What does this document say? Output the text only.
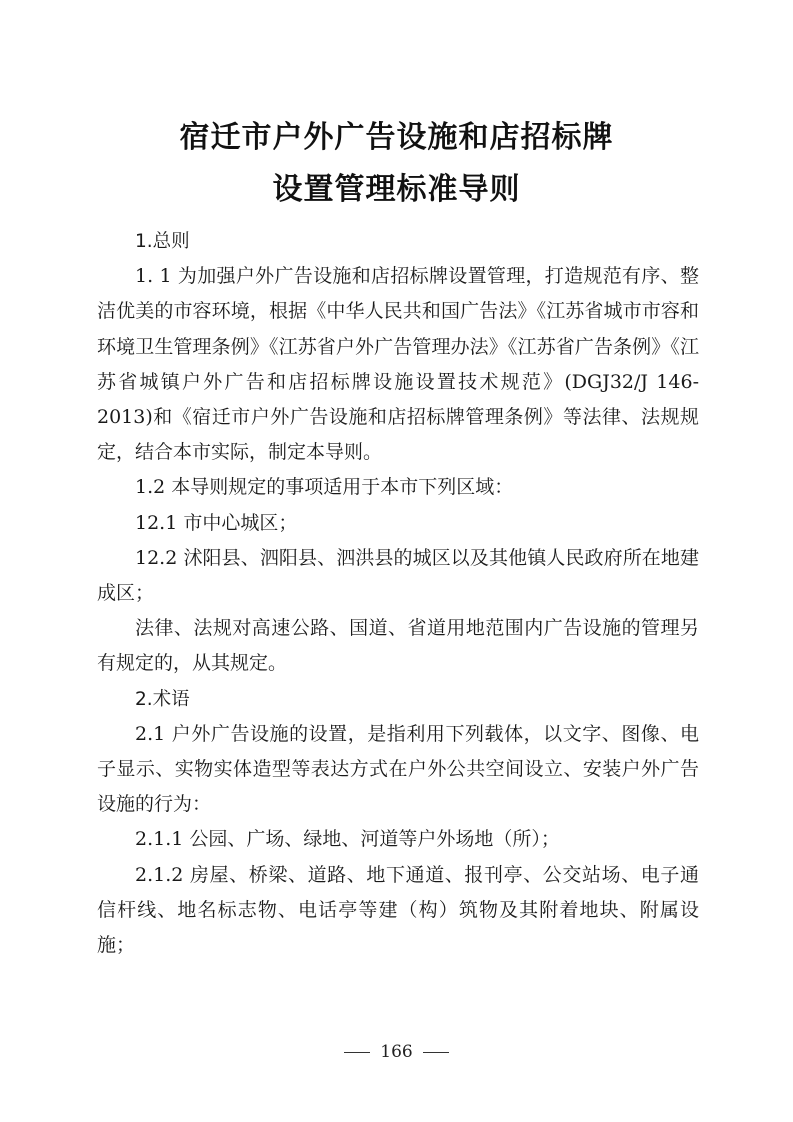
宿迁市户外广告设施和店招标牌
设置管理标准导则

1.总则

1. 1 为加强户外广告设施和店招标牌设置管理，打造规范有序、整洁优美的市容环境，根据《中华人民共和国广告法》《江苏省城市市容和环境卫生管理条例》《江苏省户外广告管理办法》《江苏省广告条例》《江苏省城镇户外广告和店招标牌设施设置技术规范》(DGJ32/J 146-2013)和《宿迁市户外广告设施和店招标牌管理条例》等法律、法规规定，结合本市实际，制定本导则。

1.2 本导则规定的事项适用于本市下列区域：

12.1 市中心城区；

12.2 沭阳县、泗阳县、泗洪县的城区以及其他镇人民政府所在地建成区；

法律、法规对高速公路、国道、省道用地范围内广告设施的管理另有规定的，从其规定。

2.术语

2.1 户外广告设施的设置，是指利用下列载体，以文字、图像、电子显示、实物实体造型等表达方式在户外公共空间设立、安装户外广告设施的行为：

2.1.1 公园、广场、绿地、河道等户外场地（所）；

2.1.2 房屋、桥梁、道路、地下通道、报刊亭、公交站场、电子通信杆线、地名标志物、电话亭等建（构）筑物及其附着地块、附属设施；

166
